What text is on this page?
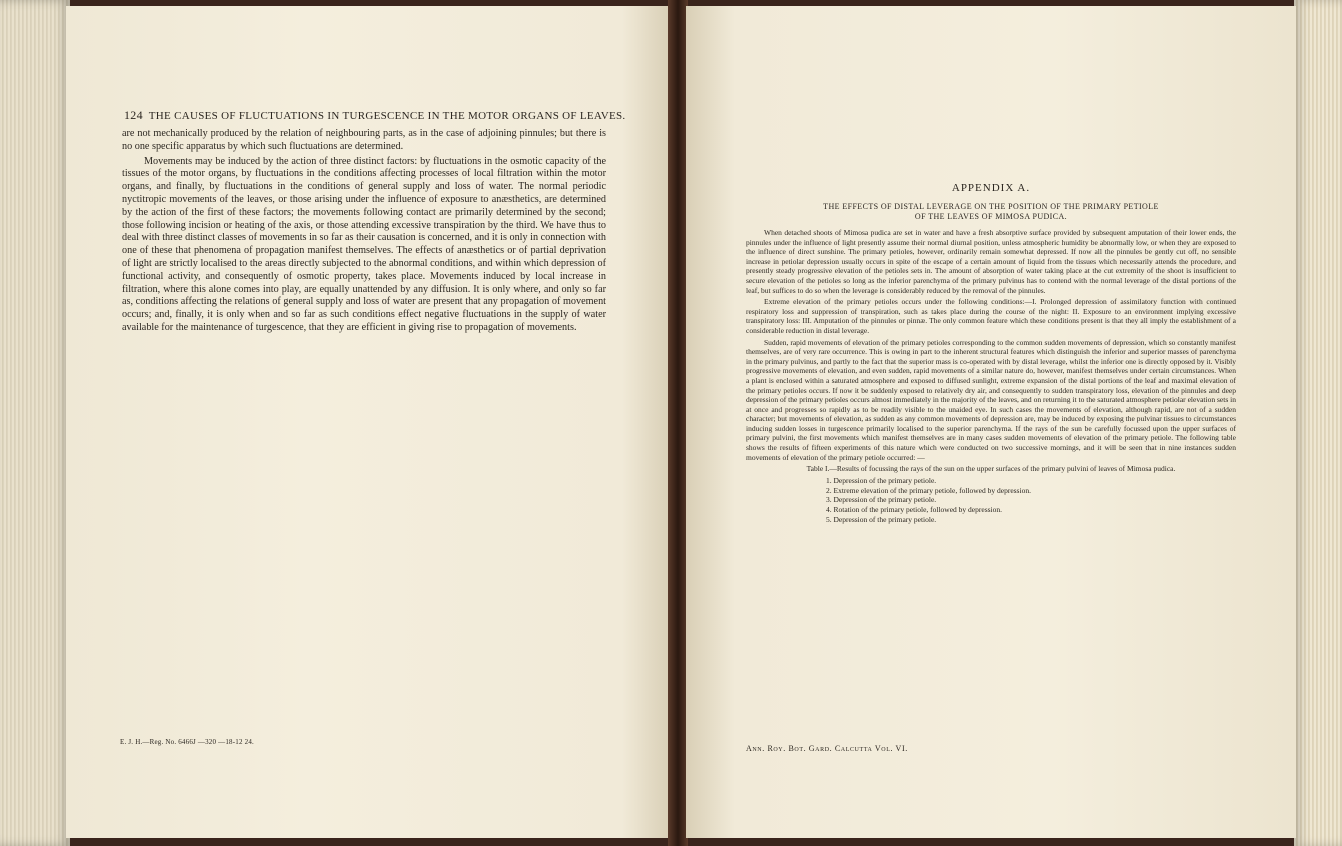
124 THE CAUSES OF FLUCTUATIONS IN TURGESCENCE IN THE MOTOR ORGANS OF LEAVES.

are not mechanically produced by the relation of neighbouring parts, as in the case of adjoining pinnules; but there is no one specific apparatus by which such fluctuations are determined.

Movements may be induced by the action of three distinct factors: by fluctuations in the osmotic capacity of the tissues of the motor organs, by fluctuations in the conditions affecting processes of local filtration within the motor organs, and finally, by fluctuations in the conditions of general supply and loss of water. The normal periodic nyctitropic movements of the leaves, or those arising under the influence of exposure to anæsthetics, are determined by the action of the first of these factors; the movements following contact are primarily determined by the second; those following incision or heating of the axis, or those attending excessive transpiration by the third. We have thus to deal with three distinct classes of movements in so far as their causation is concerned, and it is only in connection with one of these that phenomena of propagation manifest themselves. The effects of anæsthetics or of partial deprivation of light are strictly localised to the areas directly subjected to the abnormal conditions, and within which depression of functional activity, and consequently of osmotic property, takes place. Movements induced by local increase in filtration, where this alone comes into play, are equally unattended by any diffusion. It is only where, and only so far as, conditions affecting the relations of general supply and loss of water are present that any propagation of movement occurs; and, finally, it is only when and so far as such conditions effect negative fluctuations in the supply of water available for the maintenance of turgescence, that they are efficient in giving rise to propagation of movements.

E. J. H.—Reg. No. 6466J —320 —18-12 24.
APPENDIX A.
THE EFFECTS OF DISTAL LEVERAGE ON THE POSITION OF THE PRIMARY PETIOLE
OF THE LEAVES OF MIMOSA PUDICA.

When detached shoots of Mimosa pudica are set in water and have a fresh absorptive surface provided by subsequent amputation of their lower ends, the pinnules under the influence of light presently assume their normal diurnal position, unless atmospheric humidity be abnormally low, or when they are exposed to the influence of direct sunshine. The primary petioles, however, ordinarily remain somewhat depressed. If now all the pinnules be gently cut off, no sensible increase in petiolar depression usually occurs in spite of the escape of a certain amount of liquid from the tissues which necessarily attends the procedure, and presently steady progressive elevation of the petioles sets in. The amount of absorption of water taking place at the cut extremity of the shoot is insufficient to secure elevation of the petioles so long as the inferior parenchyma of the primary pulvinus has to contend with the normal leverage of the distal portions of the leaf, but suffices to do so when the leverage is considerably reduced by the removal of the pinnules.

Extreme elevation of the primary petioles occurs under the following conditions:—I. Prolonged depression of assimilatory function with continued respiratory loss and suppression of transpiration, such as takes place during the course of the night: II. Exposure to an environment implying excessive transpiratory loss: III. Amputation of the pinnules or pinnæ. The only common feature which these conditions present is that they all imply the establishment of a considerable reduction in distal leverage.

Sudden, rapid movements of elevation of the primary petioles corresponding to the common sudden movements of depression, which so constantly manifest themselves, are of very rare occurrence. This is owing in part to the inherent structural features which distinguish the inferior and superior masses of parenchyma in the primary pulvinus, and partly to the fact that the superior mass is co-operated with by distal leverage, whilst the inferior one is directly opposed by it. Visibly progressive movements of elevation, and even sudden, rapid movements of a similar nature do, however, manifest themselves under certain circumstances. When a plant is enclosed within a saturated atmosphere and exposed to diffused sunlight, extreme expansion of the distal portions of the leaf and maximal elevation of the primary petioles occurs. If now it be suddenly exposed to relatively dry air, and consequently to sudden transpiratory loss, elevation of the pinnules and deep depression of the primary petioles occurs almost immediately in the majority of the leaves, and on returning it to the saturated atmosphere petiolar elevation sets in at once and progresses so rapidly as to be readily visible to the unaided eye. In such cases the movements of elevation, although rapid, are not of a sudden character; but movements of elevation, as sudden as any common movements of depression are, may be induced by exposing the pulvinar tissues to circumstances inducing sudden losses in turgescence primarily localised to the superior parenchyma. If the rays of the sun be carefully focussed upon the upper surfaces of primary pulvini, the first movements which manifest themselves are in many cases sudden movements of elevation of the primary petiole. The following table shows the results of fifteen experiments of this nature which were conducted on two successive mornings, and it will be seen that in nine instances sudden movements of elevation of the primary petiole occurred: —

Table I.—Results of focussing the rays of the sun on the upper surfaces of the primary pulvini of leaves of Mimosa pudica.

1. Depression of the primary petiole.
2. Extreme elevation of the primary petiole, followed by depression.
3. Depression of the primary petiole.
4. Rotation of the primary petiole, followed by depression.
5. Depression of the primary petiole.
Ann. Roy. Bot. Gard. Calcutta Vol. VI.
